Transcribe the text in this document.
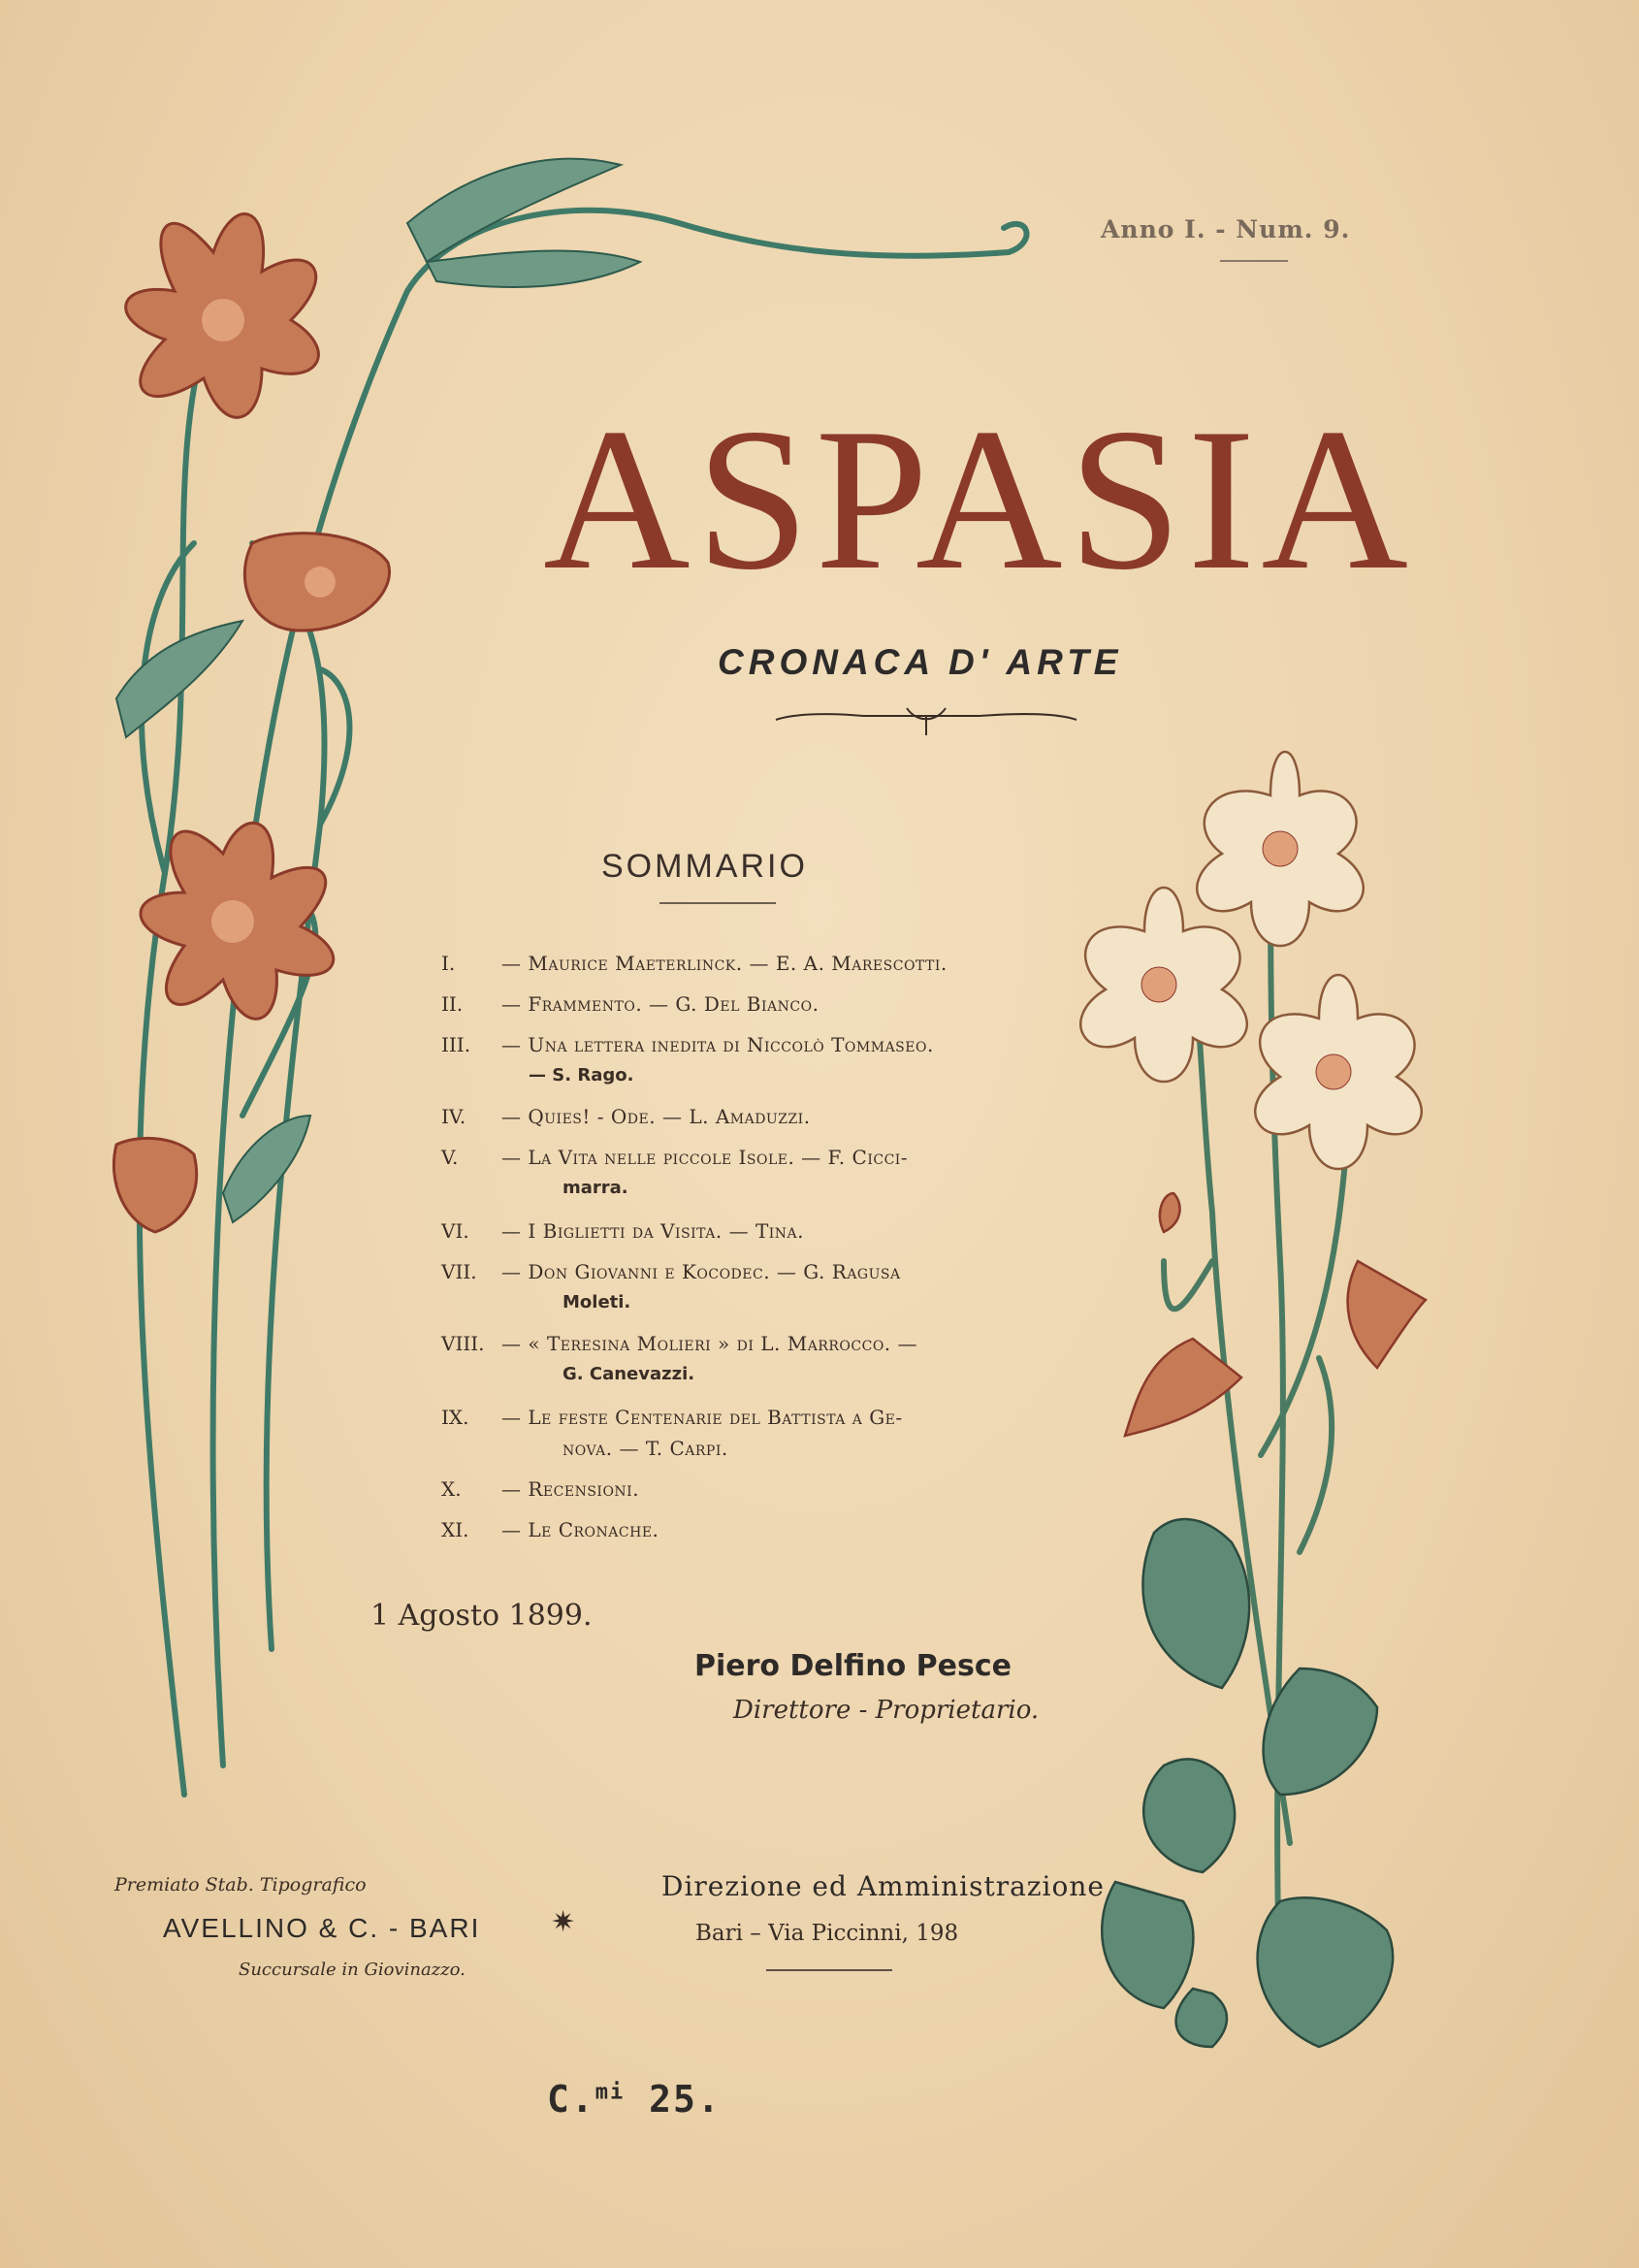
Anno I. - Num. 9.
ASPASIA
CRONACA D' ARTE
SOMMARIO
I.	— Maurice Maeterlinck. — E. A. Marescotti.
II.	— Frammento. — G. Del Bianco.
III.	— Una lettera inedita di Niccolò Tommaseo.
— S. Rago.
IV.	— Quies! - Ode. — L. Amaduzzi.
V.	— La Vita nelle piccole Isole. — F. Cicci-
marra.
VI.	— I Biglietti da Visita. — Tina.
VII.	— Don Giovanni e Kocodec. — G. Ragusa
Moleti.
VIII. — « Teresina Molieri » di L. Marrocco. —
G. Canevazzi.
IX.	— Le feste Centenarie del Battista a Ge-
nova. — T. Carpi.
X.	— Recensioni.
XI.	— Le Cronache.
1 Agosto 1899.
Piero Delfino Pesce
Direttore - Proprietario.
Premiato Stab. Tipografico
AVELLINO & C. - BARI
Succursale in Giovinazzo.
✷
Direzione ed Amministrazione
Bari – Via Piccinni, 198
C.$^{mi}$ 25.
